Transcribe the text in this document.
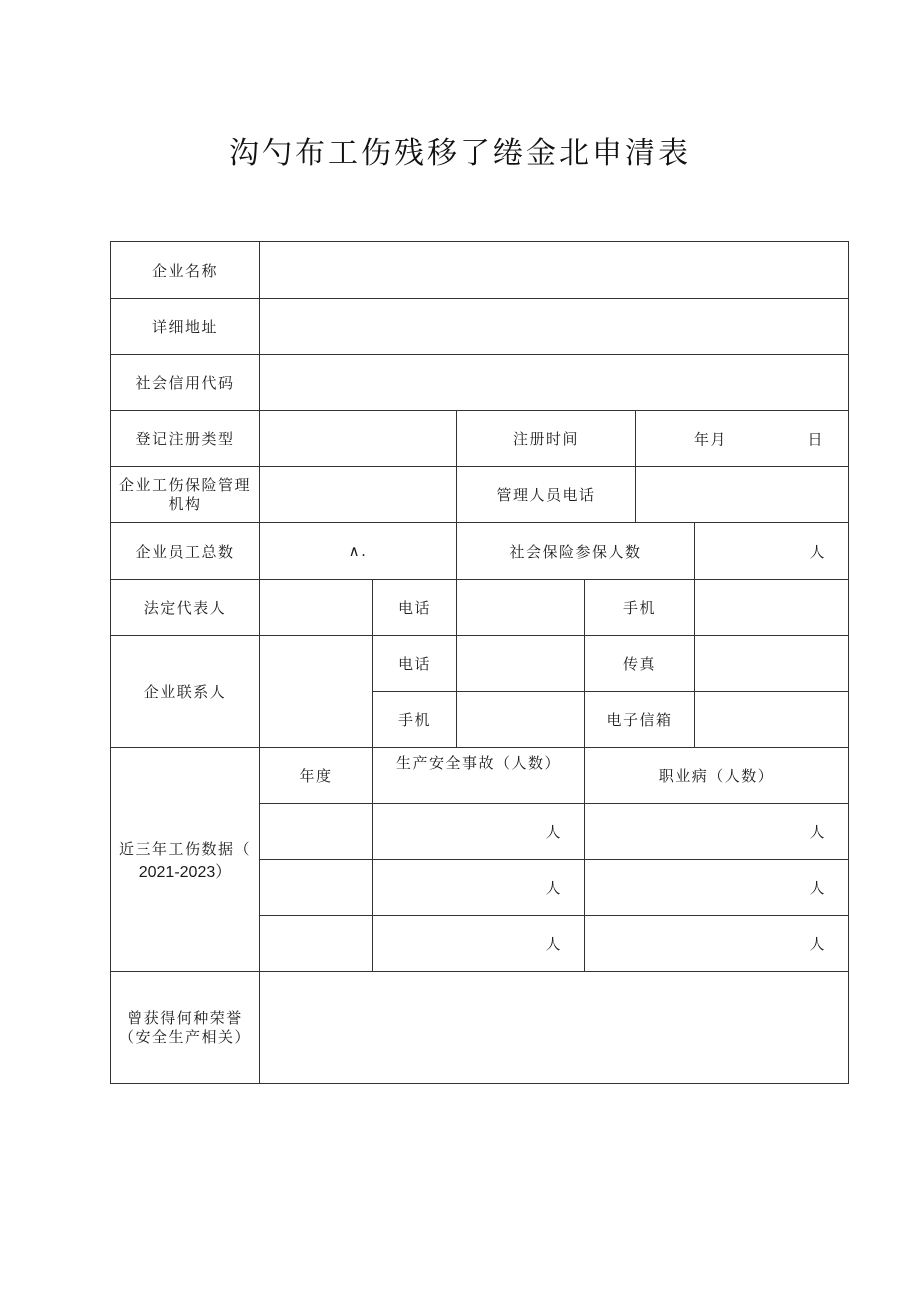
沟勺布工伤残移了绻金北申清表
企业名称						
详细地址						
社会信用代码						
登记注册类型			注册时间		年月 日	

企业工伤保险管理机构			管理人员电话			
企业员工总数	∧.		社会保险参保人数			人
法定代表人		电话		手机		
企业联系人		电话		传真		
		手机		电子信箱		

近三年工伤数据（
2021-2023）	年度	生产安全事故（人数）		职业病（人数）		
		人		人		
		人		人		
		人		人		

曾获得何种荣誉
（安全生产相关）						
